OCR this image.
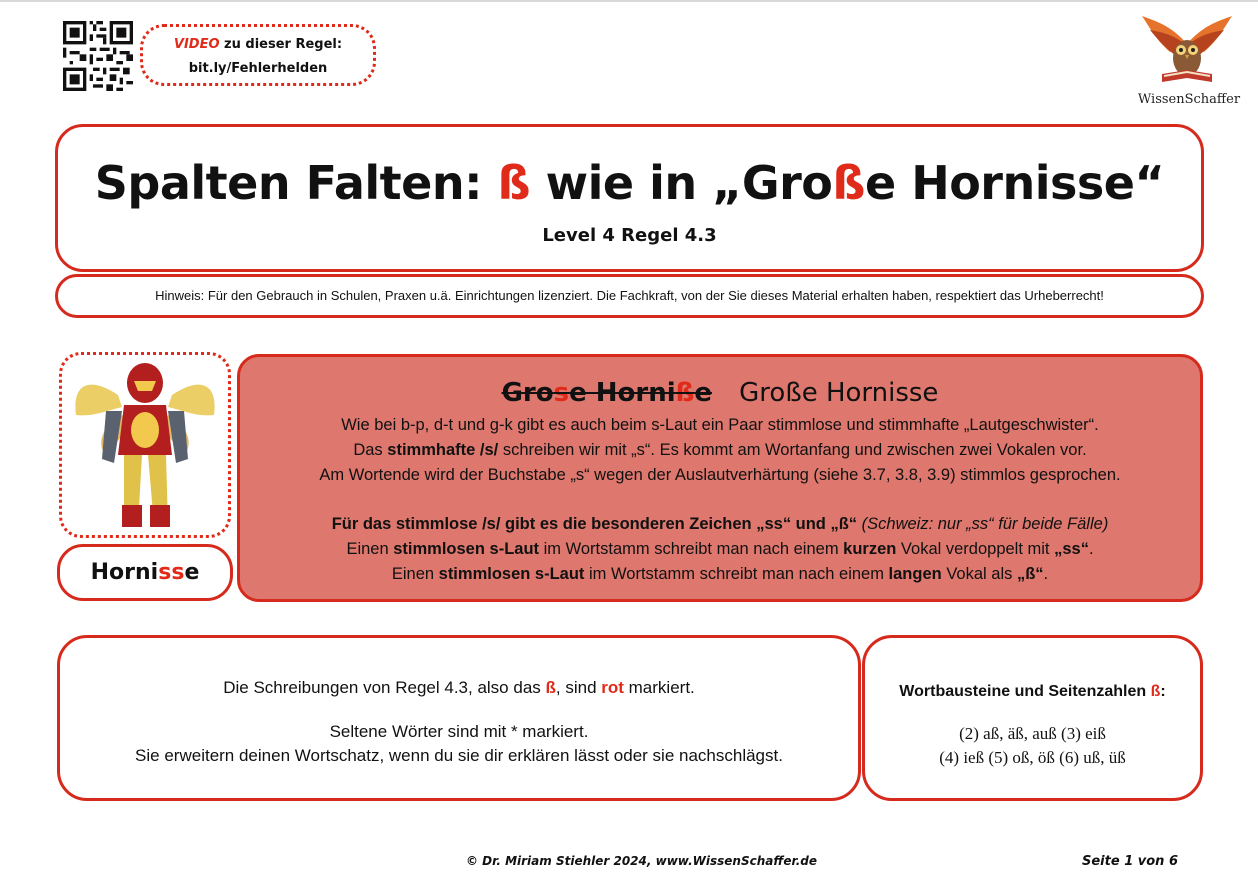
VIDEO zu dieser Regel:
bit.ly/Fehlerhelden
WissenSchaffer
Spalten Falten: ß wie in „Große Hornisse“
Level 4 Regel 4.3
Hinweis: Für den Gebrauch in Schulen, Praxen u.ä. Einrichtungen lizenziert. Die Fachkraft, von der Sie dieses Material erhalten haben, respektiert das Urheberrecht!
Hornisse
Grose Horniße Große Hornisse
Wie bei b-p, d-t und g-k gibt es auch beim s-Laut ein Paar stimmlose und stimmhafte „Lautgeschwister“.
Das stimmhafte /s/ schreiben wir mit „s“. Es kommt am Wortanfang und zwischen zwei Vokalen vor.
Am Wortende wird der Buchstabe „s“ wegen der Auslautverhärtung (siehe 3.7, 3.8, 3.9) stimmlos gesprochen.
Für das stimmlose /s/ gibt es die besonderen Zeichen „ss“ und „ß“ (Schweiz: nur „ss“ für beide Fälle)
Einen stimmlosen s-Laut im Wortstamm schreibt man nach einem kurzen Vokal verdoppelt mit „ss“.
Einen stimmlosen s-Laut im Wortstamm schreibt man nach einem langen Vokal als „ß“.
Die Schreibungen von Regel 4.3, also das ß, sind rot markiert.
Seltene Wörter sind mit * markiert.
Sie erweitern deinen Wortschatz, wenn du sie dir erklären lässt oder sie nachschlägst.
Wortbausteine und Seitenzahlen ß:
(2) aß, äß, auß (3) eiß
(4) ieß (5) oß, öß (6) uß, üß
© Dr. Miriam Stiehler 2024, www.WissenSchaffer.de	Seite 1 von 6
